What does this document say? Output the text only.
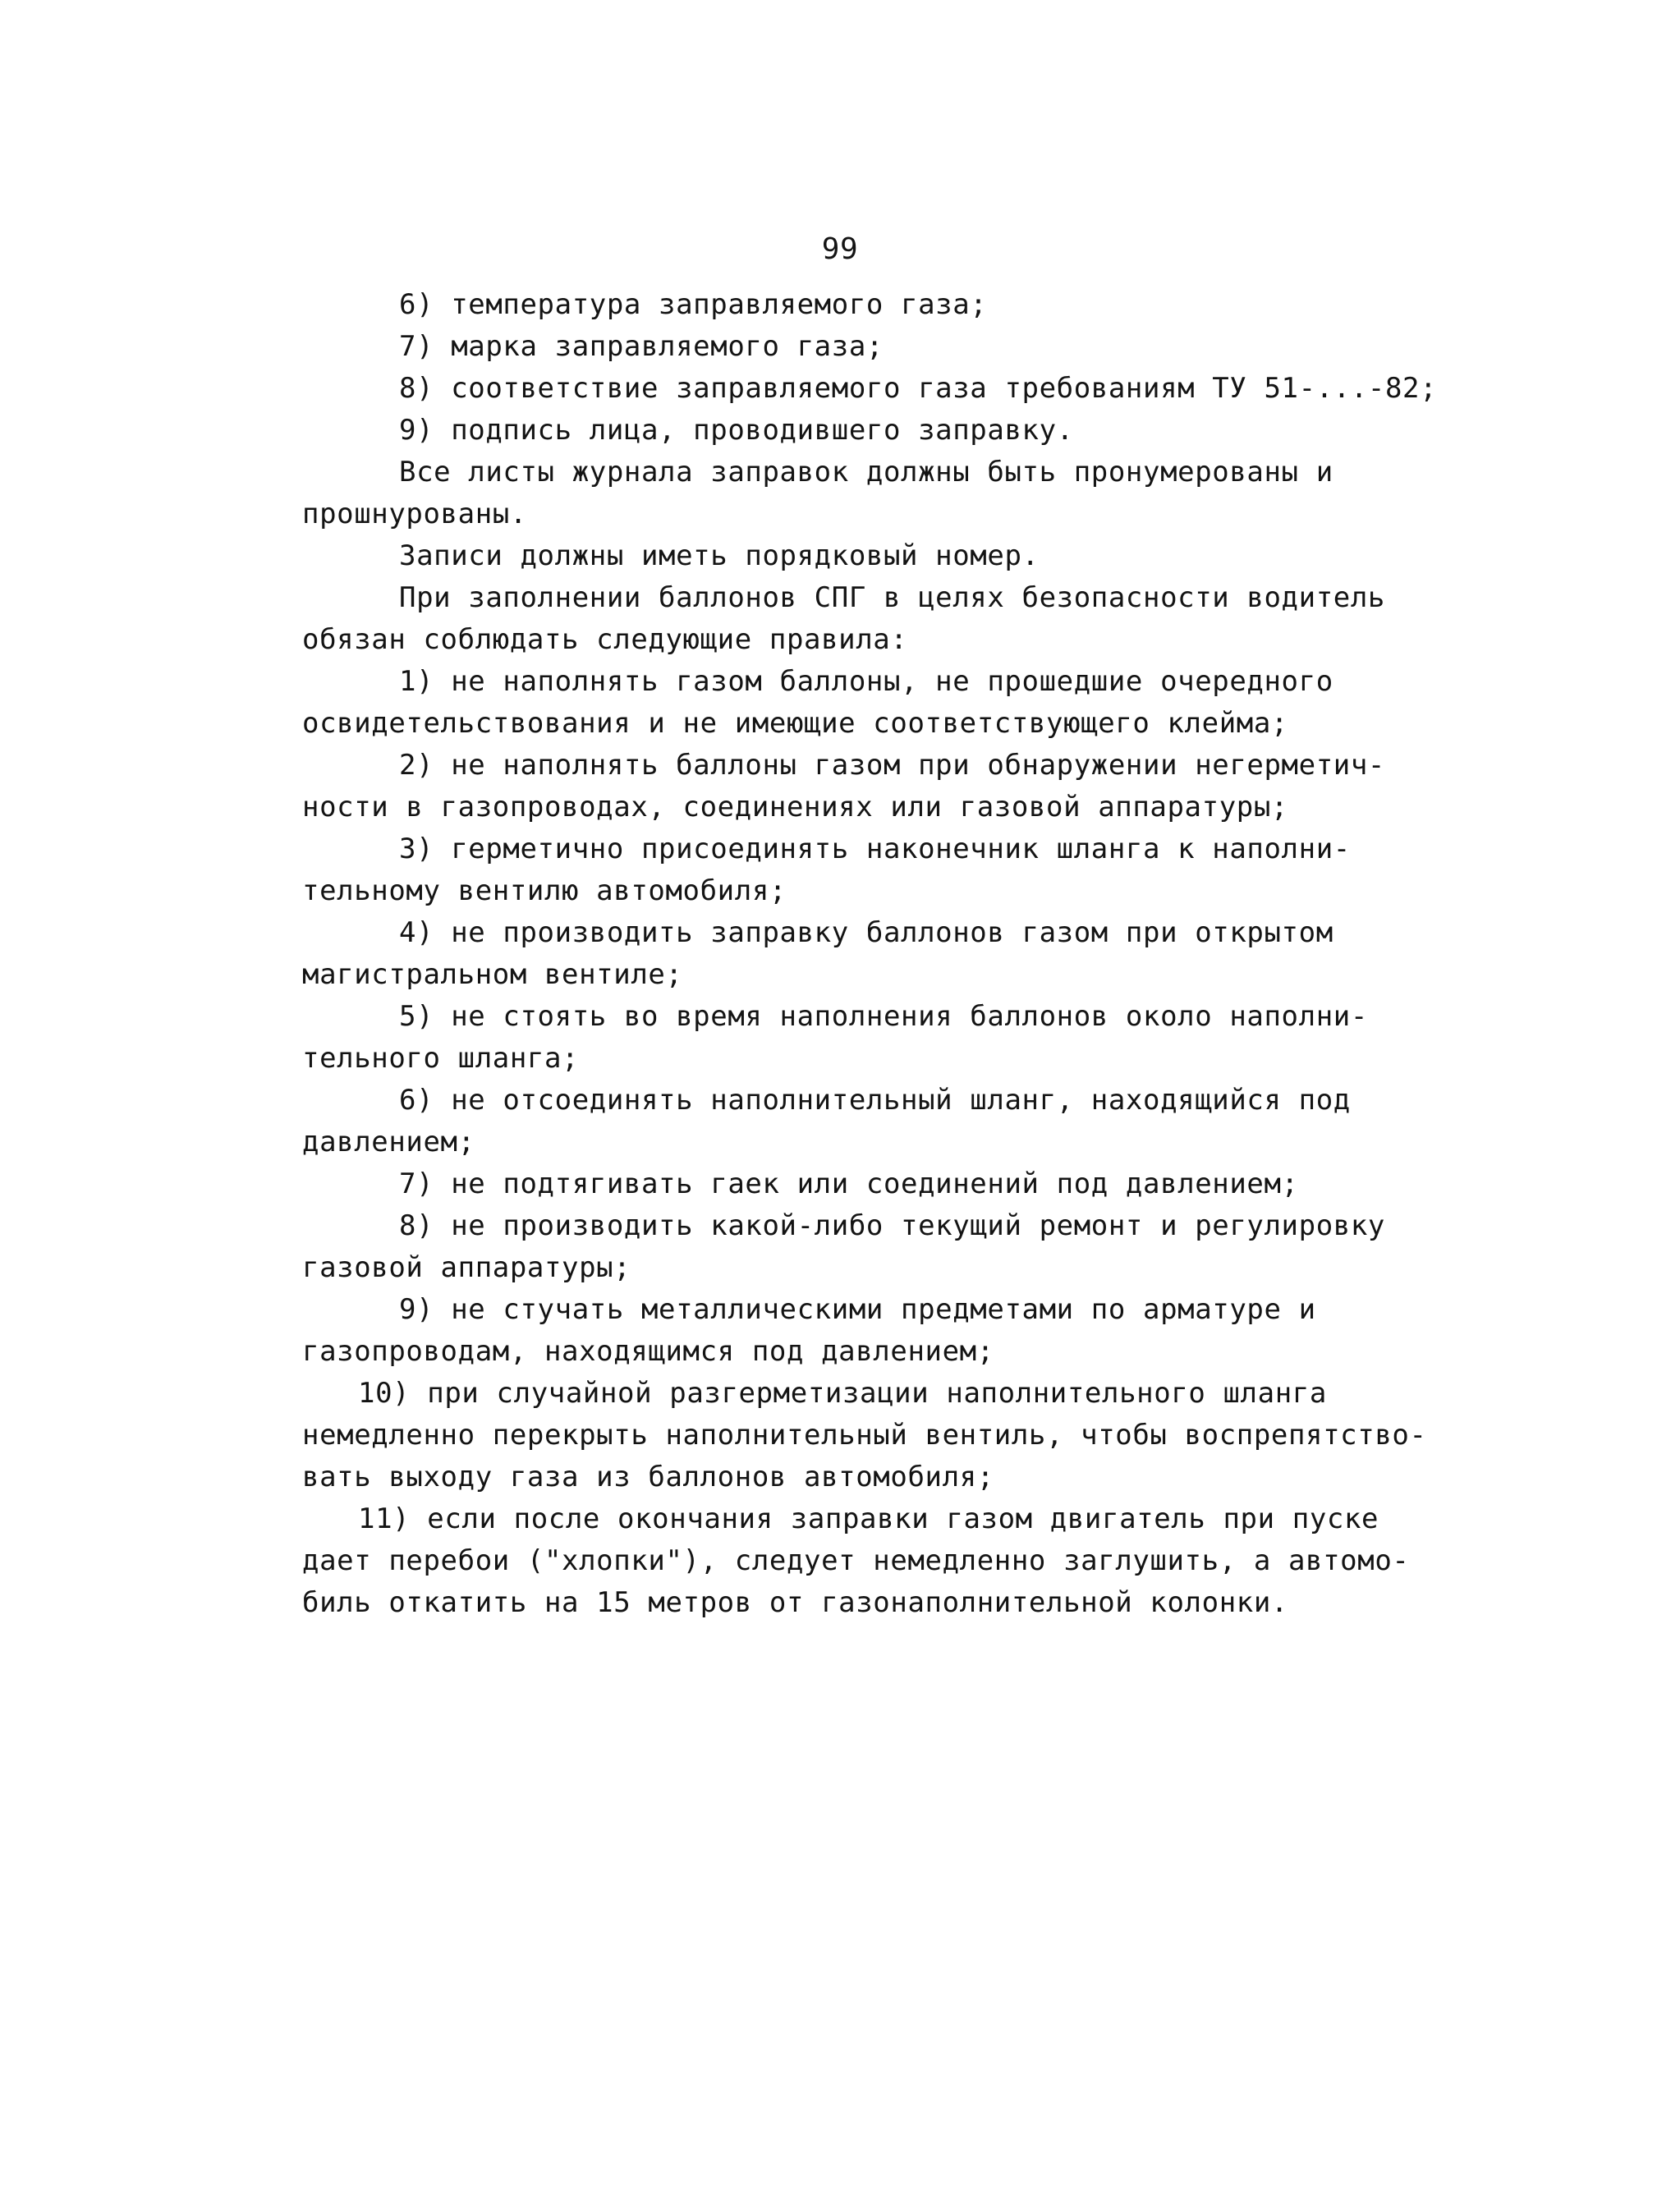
99
6) температура заправляемого газа;
7) марка заправляемого газа;
8) соответствие заправляемого газа требованиям ТУ 51-...-82;
9) подпись лица, проводившего заправку.
Все листы журнала заправок должны быть пронумерованы и
прошнурованы.
Записи должны иметь порядковый номер.
При заполнении баллонов СПГ в целях безопасности водитель
обязан соблюдать следующие правила:
1) не наполнять газом баллоны, не прошедшие очередного
освидетельствования и не имеющие соответствующего клейма;
2) не наполнять баллоны газом при обнаружении негерметич-
ности в газопроводах, соединениях или газовой аппаратуры;
3) герметично присоединять наконечник шланга к наполни-
тельному вентилю автомобиля;
4) не производить заправку баллонов газом при открытом
магистральном вентиле;
5) не стоять во время наполнения баллонов около наполни-
тельного шланга;
6) не отсоединять наполнительный шланг, находящийся под
давлением;
7) не подтягивать гаек или соединений под давлением;
8) не производить какой-либо текущий ремонт и регулировку
газовой аппаратуры;
9) не стучать металлическими предметами по арматуре и
газопроводам, находящимся под давлением;
10) при случайной разгерметизации наполнительного шланга
немедленно перекрыть наполнительный вентиль, чтобы воспрепятство-
вать выходу газа из баллонов автомобиля;
11) если после окончания заправки газом двигатель при пуске
дает перебои ("хлопки"), следует немедленно заглушить, а автомо-
биль откатить на 15 метров от газонаполнительной колонки.
